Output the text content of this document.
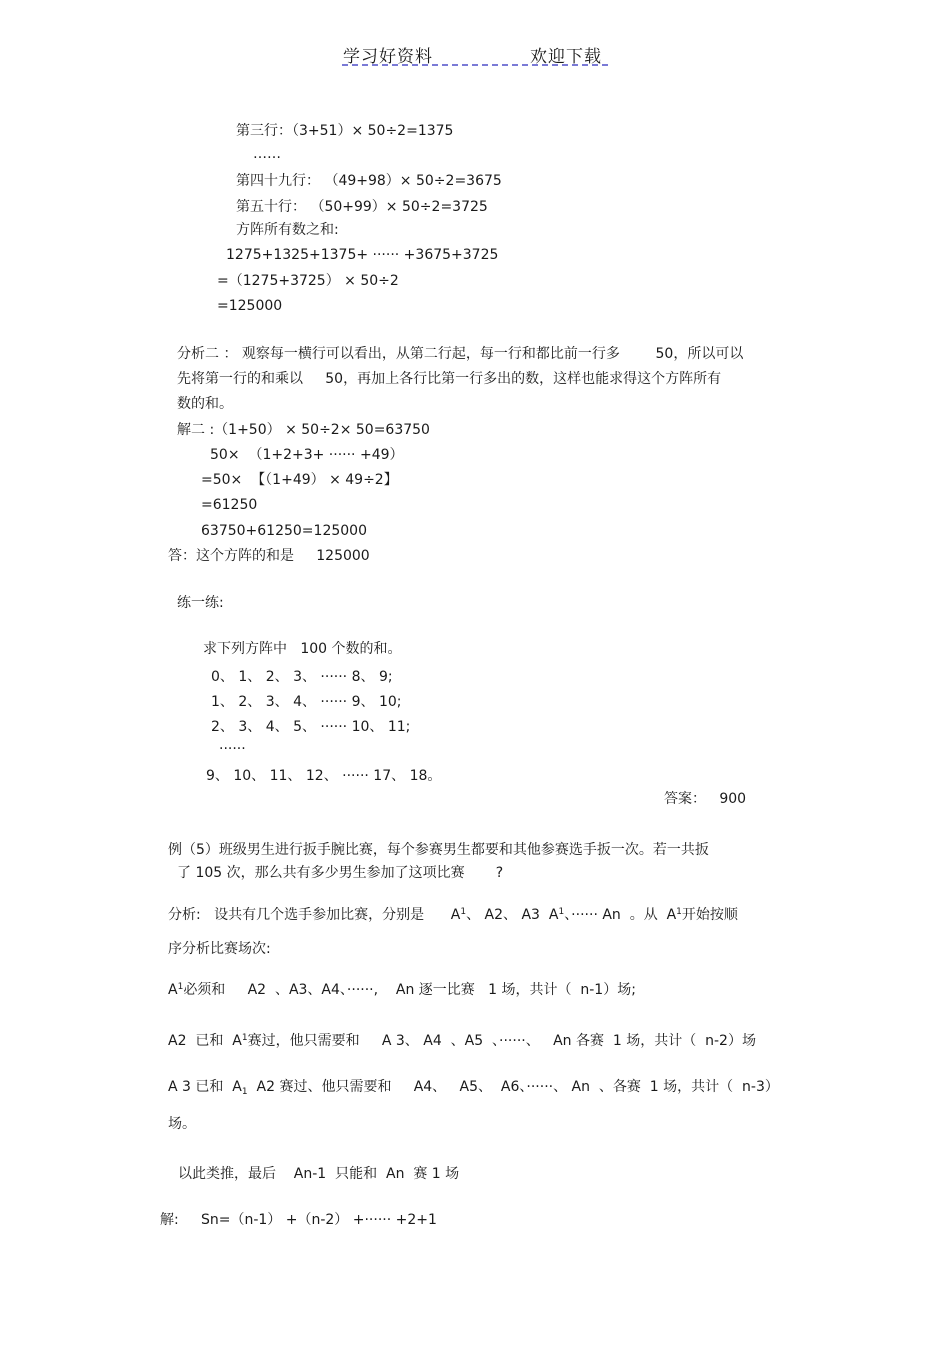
学习好资料	欢迎下载
第三行：（3+51）× 50÷2=1375
……
第四十九行： （49+98）× 50÷2=3675
第五十行： （50+99）× 50÷2=3725
方阵所有数之和:
1275+1325+1375+ ······ +3675+3725
=（1275+3725） × 50÷2
=125000
分析二 ： 观察每一横行可以看出，从第二行起，每一行和都比前一行多        50，所以可以
先将第一行的和乘以     50，再加上各行比第一行多出的数，这样也能求得这个方阵所有
数的和。
解二 :（1+50） × 50÷2× 50=63750
50×  （1+2+3+ ······ +49）
=50×  【（1+49） × 49÷2】
=61250
63750+61250=125000
答：这个方阵的和是     125000
练一练:
求下列方阵中   100 个数的和。
0、 1、 2、 3、 ······ 8、 9;
1、 2、 3、 4、 ······ 9、 10;
2、 3、 4、 5、 ······ 10、 11;
······
9、 10、 11、 12、 ······ 17、 18。
答案：   900
例（5）班级男生进行扳手腕比赛，每个参赛男生都要和其他参赛选手扳一次。若一共扳
了 105 次，那么共有多少男生参加了这项比赛       ?
分析:   设共有几个选手参加比赛，分别是      $A^1$、 A2、 A3  $A^1$、······ An  。从  $A^1$开始按顺
序分析比赛场次:
$A^1$必须和     A2  、A3、A4、······,    An 逐一比赛   1 场，共计（  n-1）场;
A2  已和  $A^1$赛过，他只需要和     A 3、 A4  、A5  、······、   An 各赛  1 场，共计（  n-2）场
A 3 已和  $A_1$  A2 赛过、他只需要和     A4、   A5、  A6、······、 An  、各赛  1 场，共计（  n-3）
场。
以此类推，最后    An-1  只能和  An  赛 1 场
解:     Sn=（n-1） +（n-2） +······ +2+1
